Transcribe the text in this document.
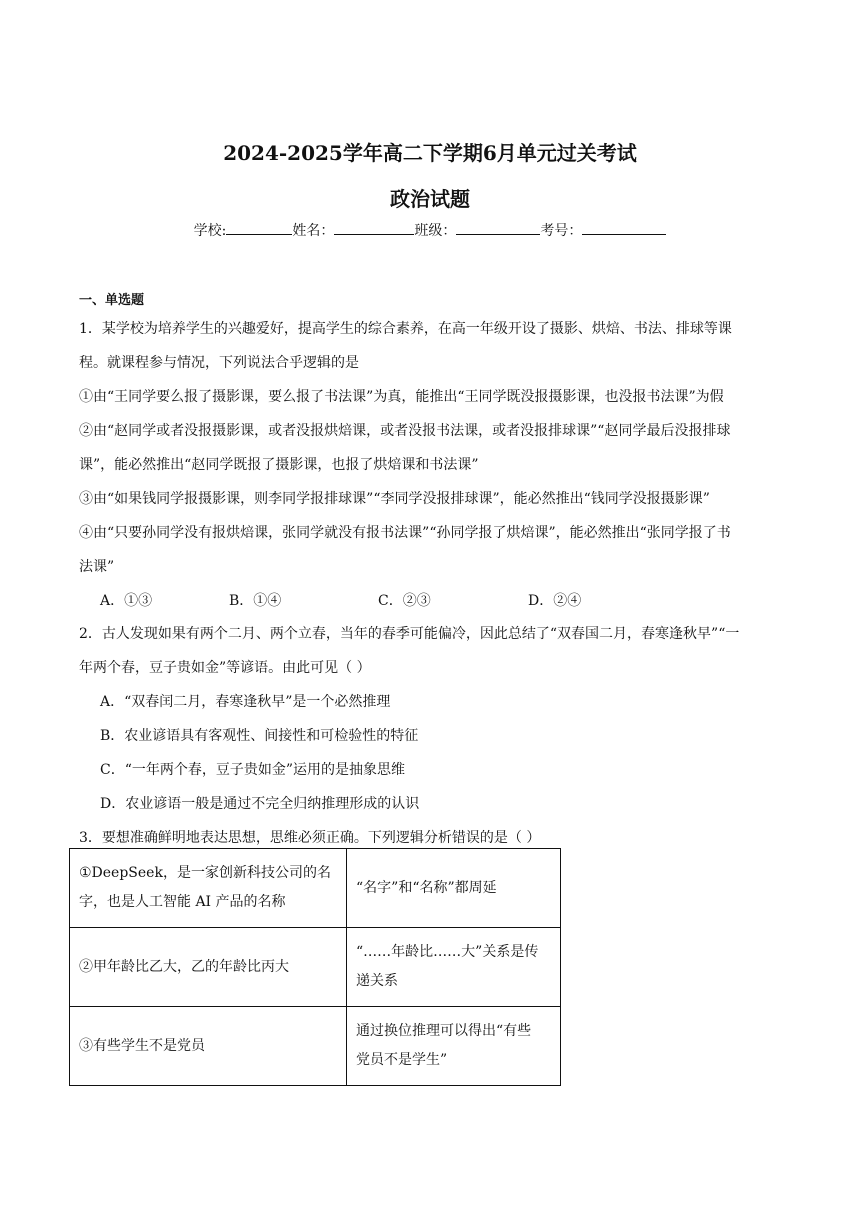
2024-2025学年高二下学期6月单元过关考试
政治试题
学校:	姓名：	班级：	考号：
一、单选题
1．某学校为培养学生的兴趣爱好，提高学生的综合素养，在高一年级开设了摄影、烘焙、书法、排球等课
程。就课程参与情况，下列说法合乎逻辑的是
①由“王同学要么报了摄影课，要么报了书法课”为真，能推出“王同学既没报摄影课，也没报书法课”为假
②由“赵同学或者没报摄影课，或者没报烘焙课，或者没报书法课，或者没报排球课”“赵同学最后没报排球
课”，能必然推出“赵同学既报了摄影课，也报了烘焙课和书法课”
③由“如果钱同学报摄影课，则李同学报排球课”“李同学没报排球课”，能必然推出“钱同学没报摄影课”
④由“只要孙同学没有报烘焙课，张同学就没有报书法课”“孙同学报了烘焙课”，能必然推出“张同学报了书
法课”
A．①③	B．①④	C．②③	D．②④
2．古人发现如果有两个二月、两个立春，当年的春季可能偏冷，因此总结了“双春国二月，春寒逢秋早”“一
年两个春，豆子贵如金”等谚语。由此可见（ ）
A．“双春闰二月，春寒逢秋早”是一个必然推理
B．农业谚语具有客观性、间接性和可检验性的特征
C．“一年两个春，豆子贵如金”运用的是抽象思维
D．农业谚语一般是通过不完全归纳推理形成的认识
3．要想准确鲜明地表达思想，思维必须正确。下列逻辑分析错误的是（ ）
①DeepSeek，是一家创新科技公司的名
字，也是人工智能 AI 产品的名称	“名字”和“名称”都周延

②甲年龄比乙大，乙的年龄比丙大	“……年龄比……大”关系是传
递关系

③有些学生不是党员	通过换位推理可以得出“有些
党员不是学生”
